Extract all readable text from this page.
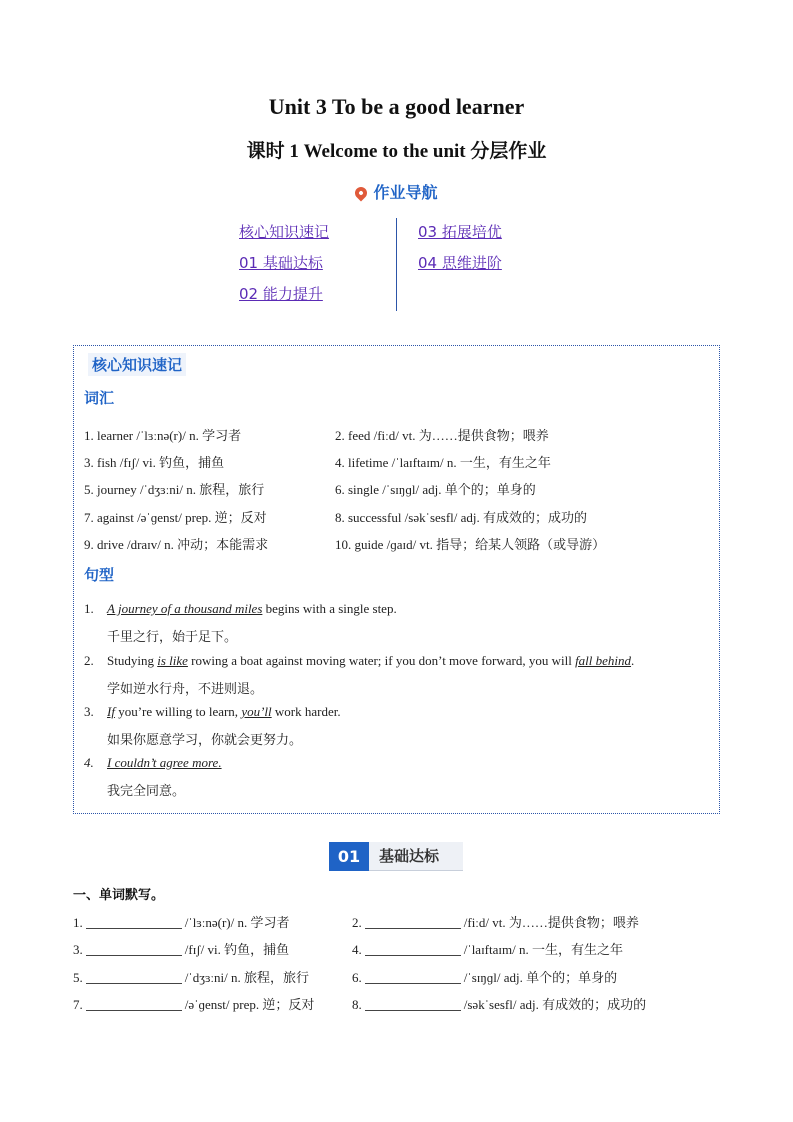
Unit 3 To be a good learner
课时 1 Welcome to the unit 分层作业
作业导航
核心知识速记
01 基础达标
02 能力提升
03 拓展培优
04 思维进阶
核心知识速记
词汇
1. learner /ˈlɜːnə(r)/ n. 学习者	2. feed /fiːd/ vt. 为……提供食物；喂养
3. fish /fɪʃ/ vi. 钓鱼，捕鱼	4. lifetime /ˈlaɪftaɪm/ n. 一生，有生之年
5. journey /ˈdʒɜːni/ n. 旅程，旅行	6. single /ˈsɪŋɡl/ adj. 单个的；单身的
7. against /əˈɡenst/ prep. 逆；反对	8. successful /səkˈsesfl/ adj. 有成效的；成功的
9. drive /draɪv/ n. 冲动；本能需求	10. guide /ɡaɪd/ vt. 指导；给某人领路（或导游）
句型
1. A journey of a thousand miles begins with a single step.
千里之行，始于足下。
2. Studying is like rowing a boat against moving water; if you don’t move forward, you will fall behind.
学如逆水行舟，不进则退。
3. If you’re willing to learn, you’ll work harder.
如果你愿意学习，你就会更努力。
4. I couldn’t agree more.
我完全同意。
01	基础达标
一、单词默写。
1.	/ˈlɜːnə(r)/ n. 学习者	2.	/fiːd/ vt. 为……提供食物；喂养
3.	/fɪʃ/ vi. 钓鱼，捕鱼	4.	/ˈlaɪftaɪm/ n. 一生，有生之年
5.	/ˈdʒɜːni/ n. 旅程，旅行	6.	/ˈsɪŋɡl/ adj. 单个的；单身的
7.	/əˈɡenst/ prep. 逆；反对	8.	/səkˈsesfl/ adj. 有成效的；成功的
